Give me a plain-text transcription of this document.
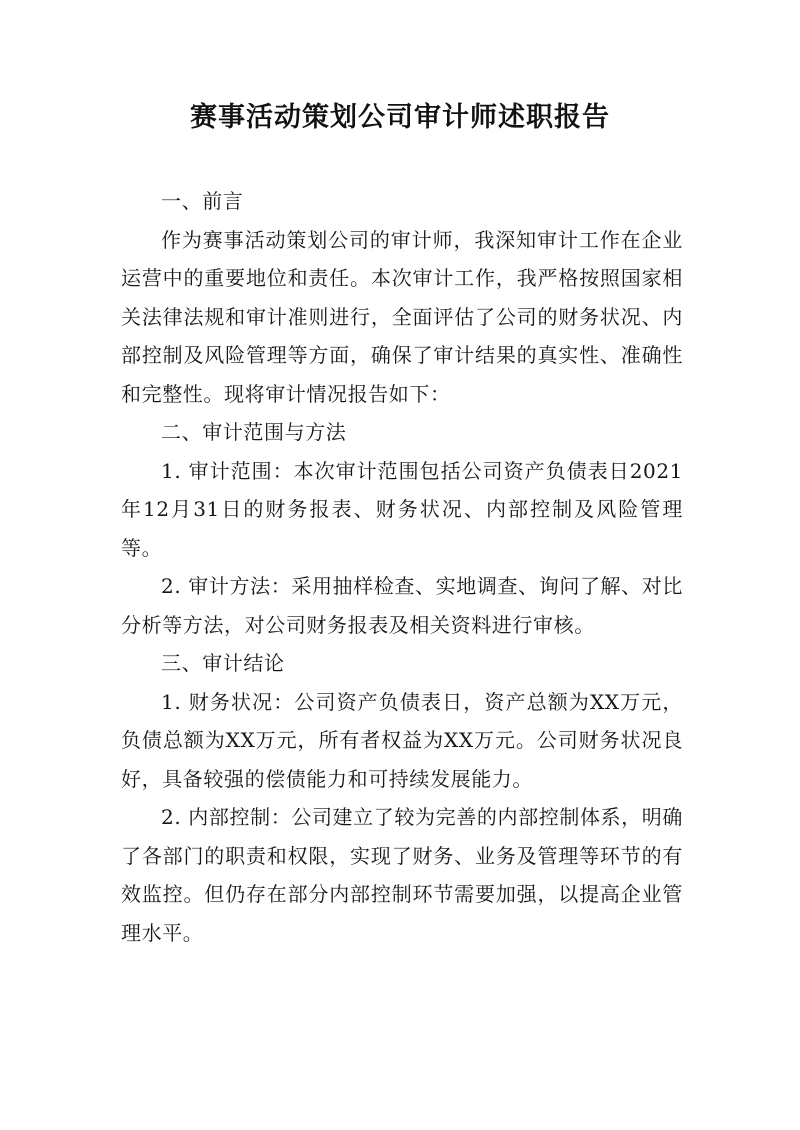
赛事活动策划公司审计师述职报告

一、前言

作为赛事活动策划公司的审计师，我深知审计工作在企业运营中的重要地位和责任。本次审计工作，我严格按照国家相关法律法规和审计准则进行，全面评估了公司的财务状况、内部控制及风险管理等方面，确保了审计结果的真实性、准确性和完整性。现将审计情况报告如下：

二、审计范围与方法

1. 审计范围：本次审计范围包括公司资产负债表日2021年12月31日的财务报表、财务状况、内部控制及风险管理等。

2. 审计方法：采用抽样检查、实地调查、询问了解、对比分析等方法，对公司财务报表及相关资料进行审核。

三、审计结论

1. 财务状况：公司资产负债表日，资产总额为XX万元，负债总额为XX万元，所有者权益为XX万元。公司财务状况良好，具备较强的偿债能力和可持续发展能力。

2. 内部控制：公司建立了较为完善的内部控制体系，明确了各部门的职责和权限，实现了财务、业务及管理等环节的有效监控。但仍存在部分内部控制环节需要加强，以提高企业管理水平。
